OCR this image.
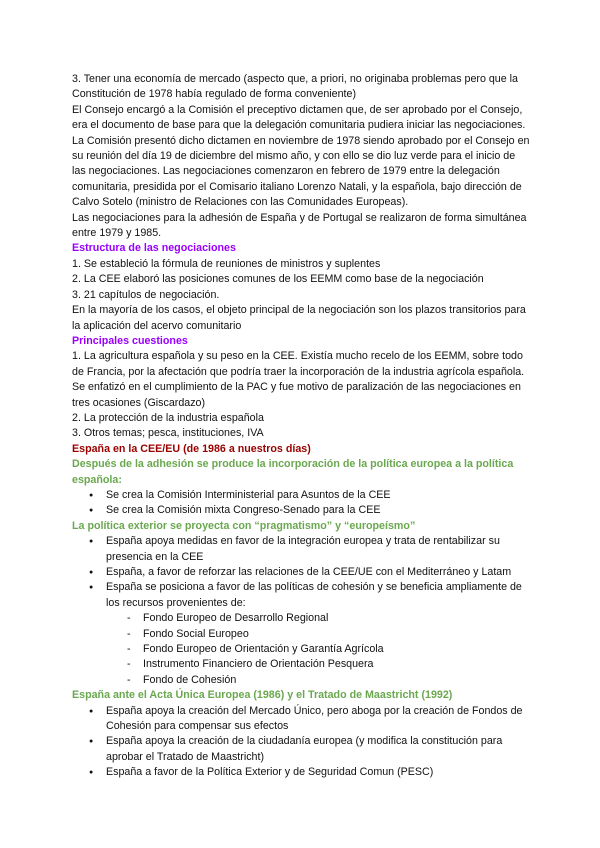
3. Tener una economía de mercado (aspecto que, a priori, no originaba problemas pero que la Constitución de 1978 había regulado de forma conveniente)

El Consejo encargó a la Comisión el preceptivo dictamen que, de ser aprobado por el Consejo, era el documento de base para que la delegación comunitaria pudiera iniciar las negociaciones. La Comisión presentó dicho dictamen en noviembre de 1978 siendo aprobado por el Consejo en su reunión del día 19 de diciembre del mismo año, y con ello se dio luz verde para el inicio de las negociaciones. Las negociaciones comenzaron en febrero de 1979 entre la delegación comunitaria, presidida por el Comisario italiano Lorenzo Natali, y la española, bajo dirección de Calvo Sotelo (ministro de Relaciones con las Comunidades Europeas).

Las negociaciones para la adhesión de España y de Portugal se realizaron de forma simultánea entre 1979 y 1985.

Estructura de las negociaciones

1. Se estableció la fórmula de reuniones de ministros y suplentes

2. La CEE elaboró las posiciones comunes de los EEMM como base de la negociación

3. 21 capítulos de negociación.

En la mayoría de los casos, el objeto principal de la negociación son los plazos transitorios para la aplicación del acervo comunitario

Principales cuestiones

1. La agricultura española y su peso en la CEE. Existía mucho recelo de los EEMM, sobre todo de Francia, por la afectación que podría traer la incorporación de la industria agrícola española. Se enfatizó en el cumplimiento de la PAC y fue motivo de paralización de las negociaciones en tres ocasiones (Giscardazo)

2. La protección de la industria española

3. Otros temas; pesca, instituciones, IVA

España en la CEE/EU (de 1986 a nuestros días)

Después de la adhesión se produce la incorporación de la política europea a la política española:

● Se crea la Comisión Interministerial para Asuntos de la CEE
● Se crea la Comisión mixta Congreso-Senado para la CEE

La política exterior se proyecta con “pragmatismo” y “europeísmo”

● España apoya medidas en favor de la integración europea y trata de rentabilizar su presencia en la CEE
● España, a favor de reforzar las relaciones de la CEE/UE con el Mediterráneo y Latam
● España se posiciona a favor de las políticas de cohesión y se beneficia ampliamente de los recursos provenientes de:
- Fondo Europeo de Desarrollo Regional
- Fondo Social Europeo
- Fondo Europeo de Orientación y Garantía Agrícola
- Instrumento Financiero de Orientación Pesquera
- Fondo de Cohesión

España ante el Acta Única Europea (1986) y el Tratado de Maastricht (1992)

● España apoya la creación del Mercado Único, pero aboga por la creación de Fondos de Cohesión para compensar sus efectos
● España apoya la creación de la ciudadanía europea (y modifica la constitución para aprobar el Tratado de Maastricht)
● España a favor de la Política Exterior y de Seguridad Comun (PESC)
